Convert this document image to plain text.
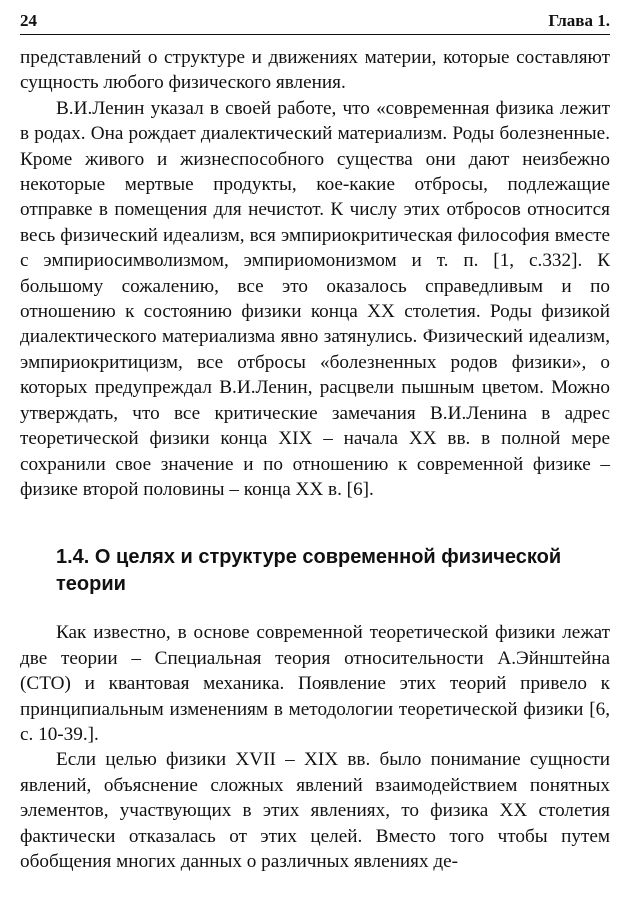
24	Глава 1.

представлений о структуре и движениях материи, которые составляют сущность любого физического явления.

В.И.Ленин указал в своей работе, что «современная физика лежит в родах. Она рождает диалектический материализм. Роды болезненные. Кроме живого и жизнеспособного существа они дают неизбежно некоторые мертвые продукты, кое-какие отбросы, подлежащие отправке в помещения для нечистот. К числу этих отбросов относится весь физический идеализм, вся эмпириокритическая философия вместе с эмпириосимволизмом, эмпириомонизмом и т. п. [1, с.332]. К большому сожалению, все это оказалось справедливым и по отношению к состоянию физики конца XX столетия. Роды физикой диалектического материализма явно затянулись. Физический идеализм, эмпириокритицизм, все отбросы «болезненных родов физики», о которых предупреждал В.И.Ленин, расцвели пышным цветом. Можно утверждать, что все критические замечания В.И.Ленина в адрес теоретической физики конца XIX – начала XX вв. в полной мере сохранили свое значение и по отношению к современной физике – физике второй половины – конца XX в. [6].

1.4. О целях и структуре современной физической теории

Как известно, в основе современной теоретической физики лежат две теории – Специальная теория относительности А.Эйнштейна (СТО) и квантовая механика. Появление этих теорий привело к принципиальным изменениям в методологии теоретической физики [6, с. 10-39.].

Если целью физики XVII – XIX вв. было понимание сущности явлений, объяснение сложных явлений взаимодействием понятных элементов, участвующих в этих явлениях, то физика XX столетия фактически отказалась от этих целей. Вместо того чтобы путем обобщения многих данных о различных явлениях де-
